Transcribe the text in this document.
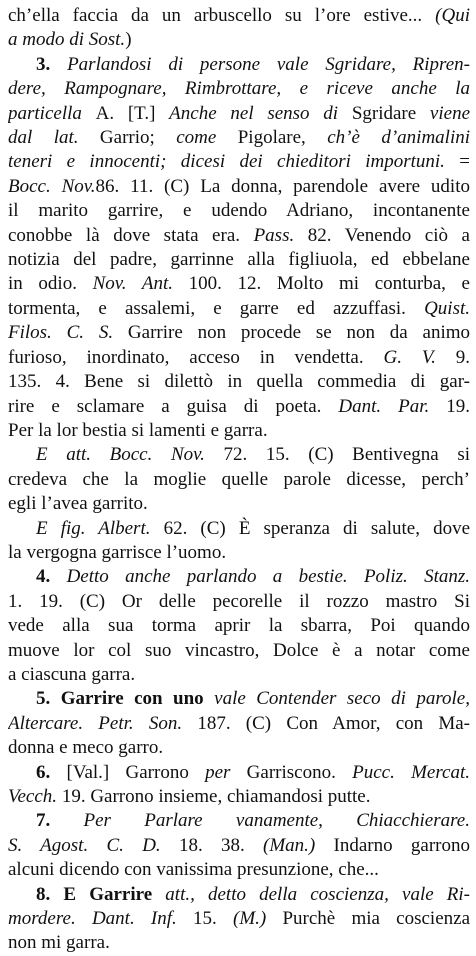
ch’ella faccia da un arbuscello su l’ore estive... (Qui
a modo di Sost.)
3. Parlandosi di persone vale Sgridare, Ripren-
dere, Rampognare, Rimbrottare, e riceve anche la
particella A. [T.] Anche nel senso di Sgridare viene
dal lat. Garrio; come Pigolare, ch’è d’animalini
teneri e innocenti; dicesi dei chieditori importuni. =
Bocc. Nov.86. 11. (C) La donna, parendole avere udito
il marito garrire, e udendo Adriano, incontanente
conobbe là dove stata era. Pass. 82. Venendo ciò a
notizia del padre, garrinne alla figliuola, ed ebbelane
in odio. Nov. Ant. 100. 12. Molto mi conturba, e
tormenta, e assalemi, e garre ed azzuffasi. Quist.
Filos. C. S. Garrire non procede se non da animo
furioso, inordinato, acceso in vendetta. G. V. 9.
135. 4. Bene si dilettò in quella commedia di gar-
rire e sclamare a guisa di poeta. Dant. Par. 19.
Per la lor bestia si lamenti e garra.
E att. Bocc. Nov. 72. 15. (C) Bentivegna si
credeva che la moglie quelle parole dicesse, perch’
egli l’avea garrito.
E fig. Albert. 62. (C) È speranza di salute, dove
la vergogna garrisce l’uomo.
4. Detto anche parlando a bestie. Poliz. Stanz.
1. 19. (C) Or delle pecorelle il rozzo mastro Si
vede alla sua torma aprir la sbarra, Poi quando
muove lor col suo vincastro, Dolce è a notar come
a ciascuna garra.
5. Garrire con uno vale Contender seco di parole,
Altercare. Petr. Son. 187. (C) Con Amor, con Ma-
donna e meco garro.
6. [Val.] Garrono per Garriscono. Pucc. Mercat.
Vecch. 19. Garrono insieme, chiamandosi putte.
7. Per Parlare vanamente, Chiacchierare.
S. Agost. C. D. 18. 38. (Man.) Indarno garrono
alcuni dicendo con vanissima presunzione, che...
8. E Garrire att., detto della coscienza, vale Ri-
mordere. Dant. Inf. 15. (M.) Purchè mia coscienza
non mi garra.
